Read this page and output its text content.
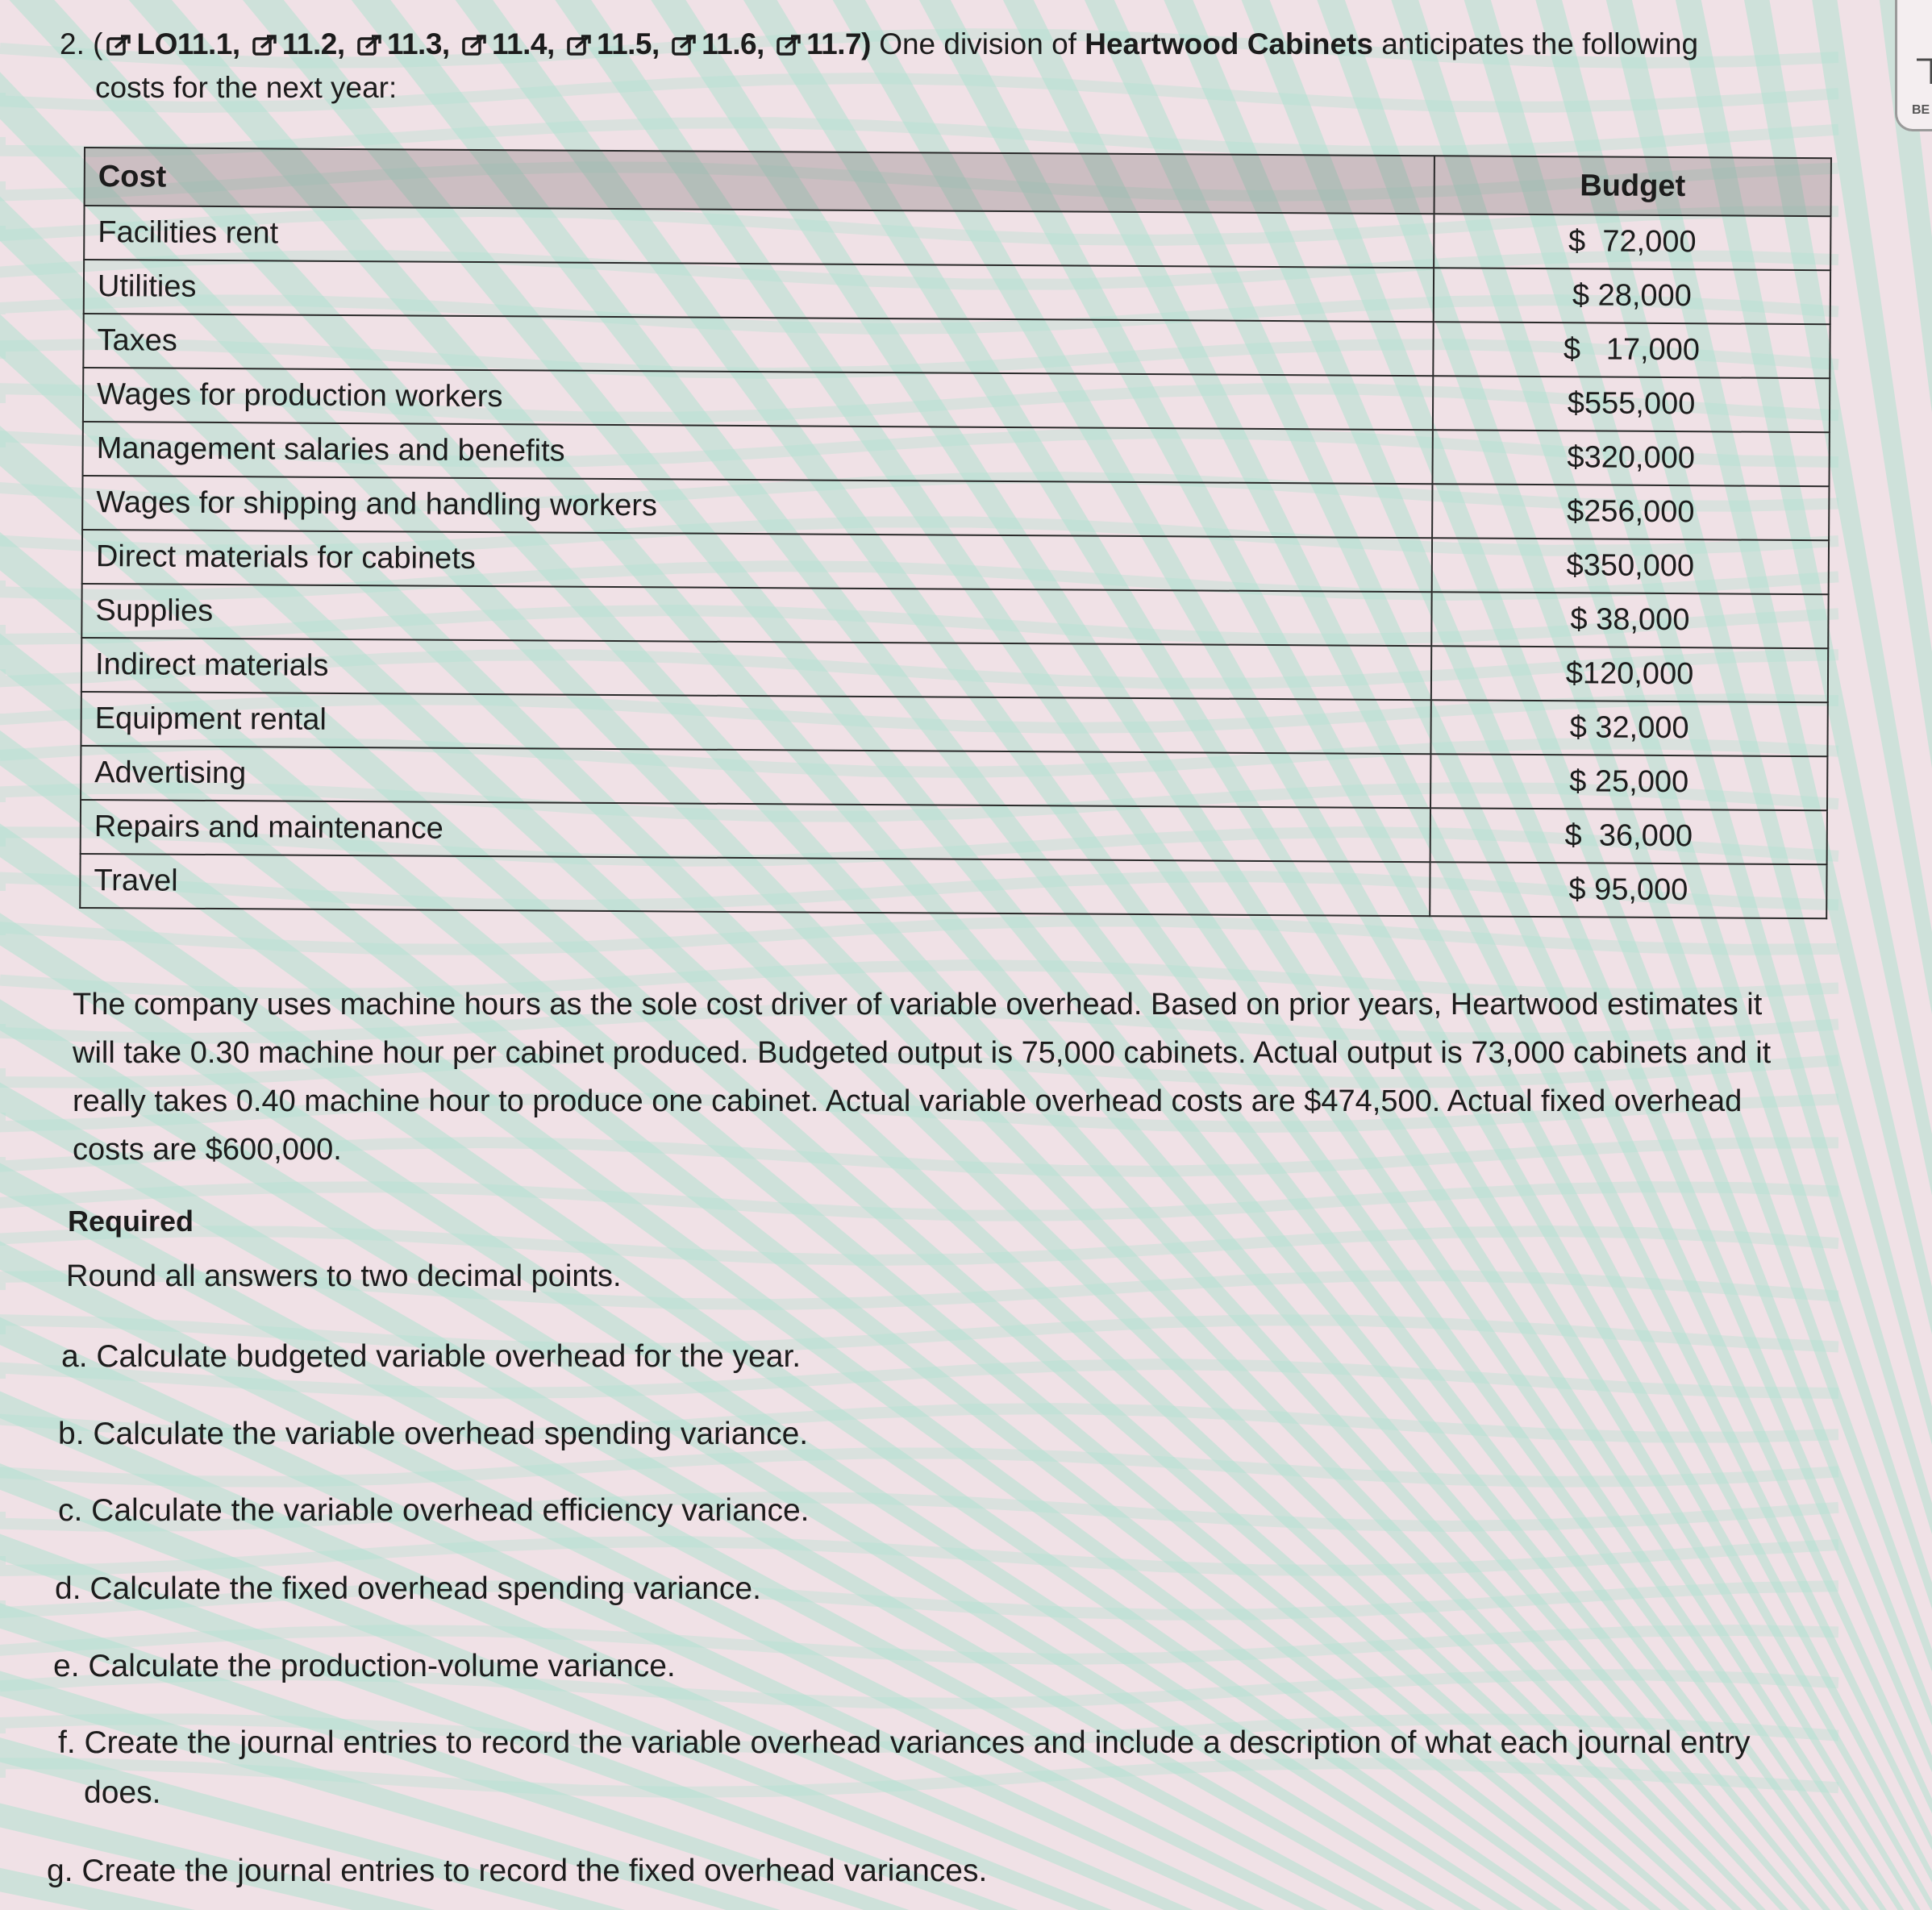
2. ( LO11.1, 11.2, 11.3, 11.4, 11.5, 11.6, 11.7) One division of Heartwood Cabinets anticipates the following
costs for the next year:
Cost	Budget
Facilities rent	$  72,000
Utilities	$ 28,000
Taxes	$   17,000
Wages for production workers	$555,000
Management salaries and benefits	$320,000
Wages for shipping and handling workers	$256,000
Direct materials for cabinets	$350,000
Supplies	$ 38,000
Indirect materials	$120,000
Equipment rental	$ 32,000
Advertising	$ 25,000
Repairs and maintenance	$  36,000
Travel	$ 95,000
The company uses machine hours as the sole cost driver of variable overhead. Based on prior years, Heartwood estimates it will take 0.30 machine hour per cabinet produced. Budgeted output is 75,000 cabinets. Actual output is 73,000 cabinets and it really takes 0.40 machine hour to produce one cabinet. Actual variable overhead costs are $474,500. Actual fixed overhead costs are $600,000.
Required
Round all answers to two decimal points.
a. Calculate budgeted variable overhead for the year.
b. Calculate the variable overhead spending variance.
c. Calculate the variable overhead efficiency variance.
d. Calculate the fixed overhead spending variance.
e. Calculate the production-volume variance.
f. Create the journal entries to record the variable overhead variances and include a description of what each journal entry does.
g. Create the journal entries to record the fixed overhead variances.
BE
